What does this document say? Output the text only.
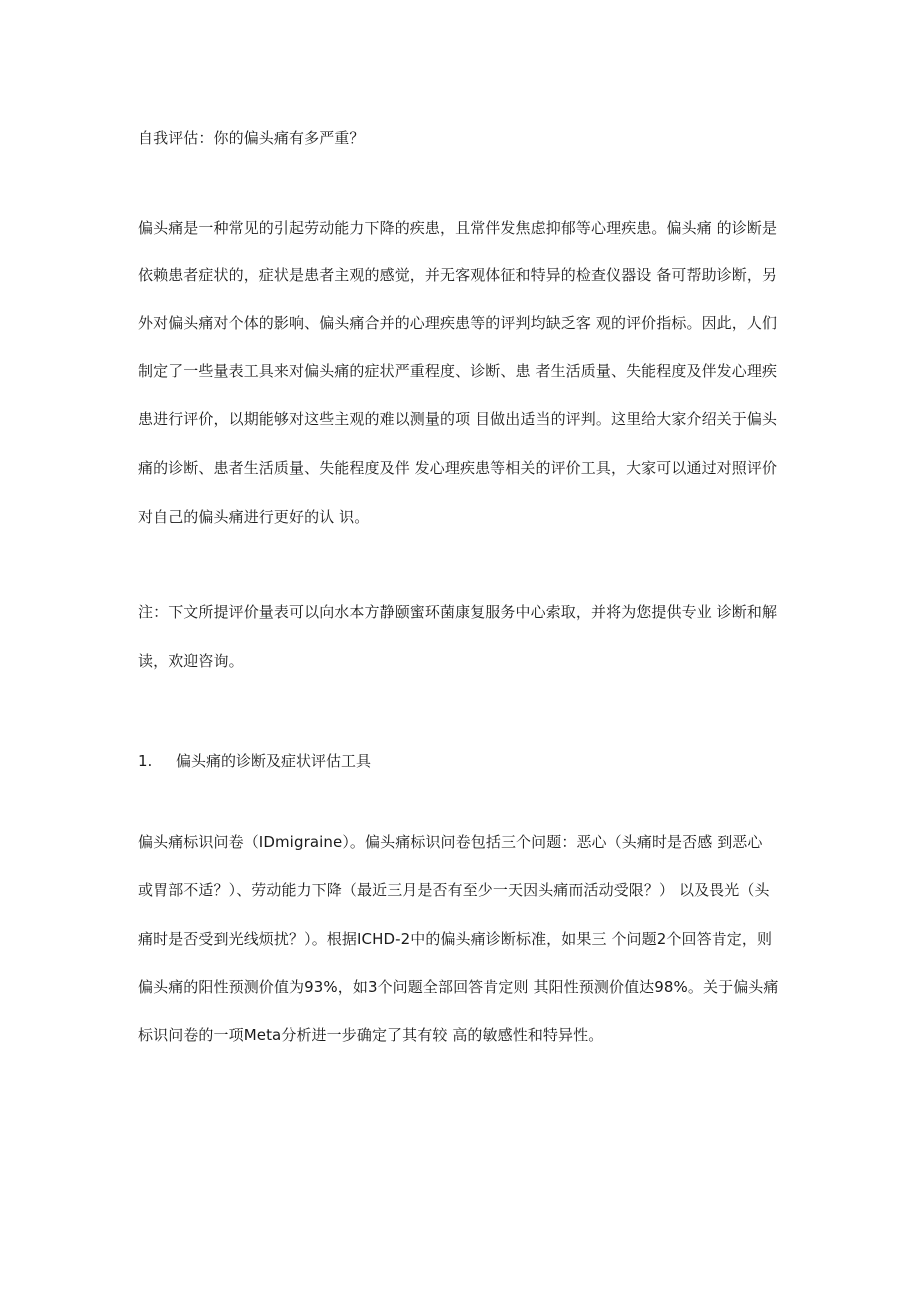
自我评估：你的偏头痛有多严重？
偏头痛是一种常见的引起劳动能力下降的疾患，且常伴发焦虑抑郁等心理疾患。偏头痛 的诊断是
依赖患者症状的，症状是患者主观的感觉，并无客观体征和特异的检查仪器设 备可帮助诊断，另
外对偏头痛对个体的影响、偏头痛合并的心理疾患等的评判均缺乏客 观的评价指标。因此，人们
制定了一些量表工具来对偏头痛的症状严重程度、诊断、患 者生活质量、失能程度及伴发心理疾
患进行评价，以期能够对这些主观的难以测量的项 目做出适当的评判。这里给大家介绍关于偏头
痛的诊断、患者生活质量、失能程度及伴 发心理疾患等相关的评价工具，大家可以通过对照评价
对自己的偏头痛进行更好的认 识。
注：下文所提评价量表可以向水本方静颐蜜环菌康复服务中心索取，并将为您提供专业 诊断和解
读，欢迎咨询。
1. 偏头痛的诊断及症状评估工具
偏头痛标识问卷（IDmigraine）。偏头痛标识问卷包括三个问题：恶心（头痛时是否感 到恶心
或胃部不适？）、劳动能力下降（最近三月是否有至少一天因头痛而活动受限？） 以及畏光（头
痛时是否受到光线烦扰？）。根据ICHD-2中的偏头痛诊断标准，如果三 个问题2个回答肯定，则
偏头痛的阳性预测价值为93%，如3个问题全部回答肯定则 其阳性预测价值达98%。关于偏头痛
标识问卷的一项Meta分析进一步确定了其有较 高的敏感性和特异性。
